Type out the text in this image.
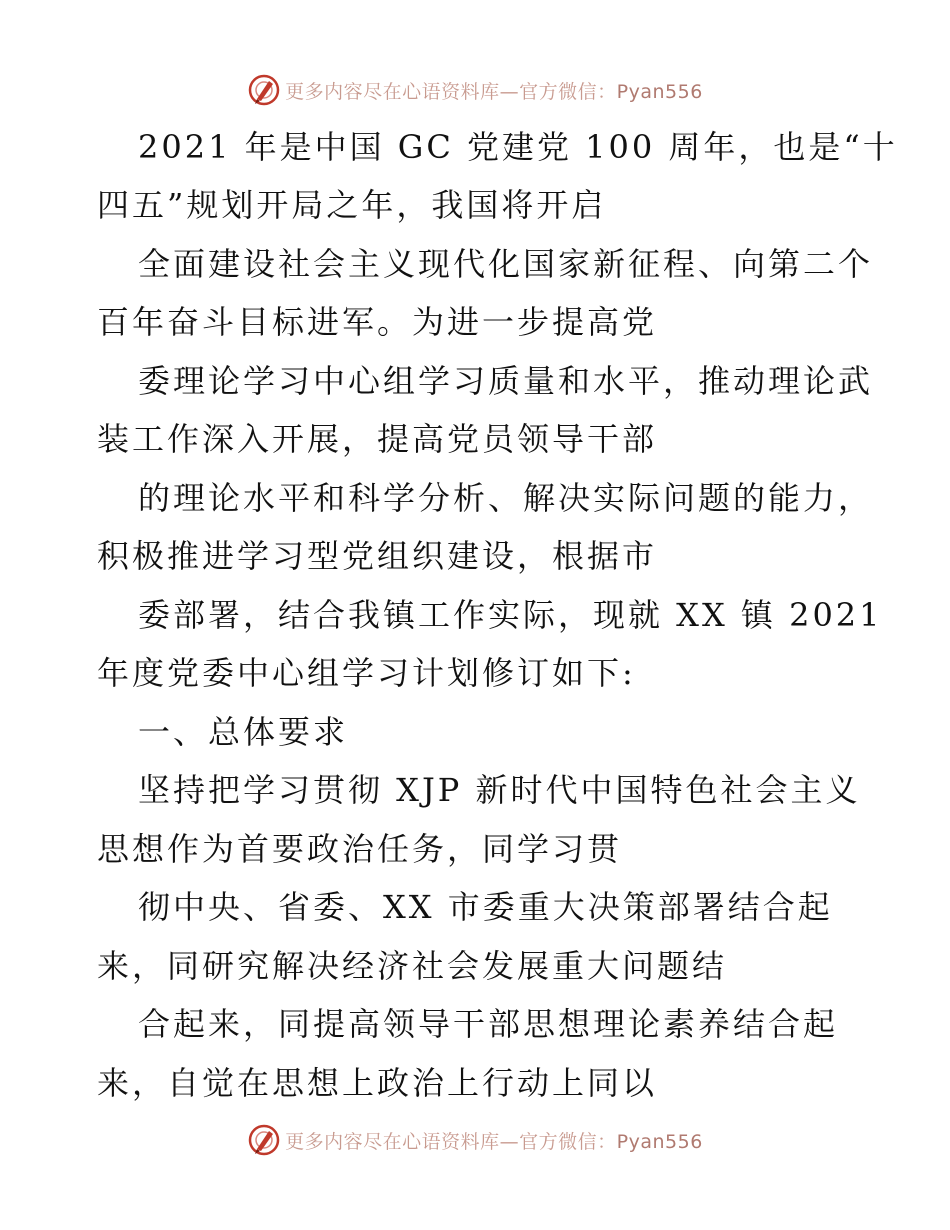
更多内容尽在心语资料库—官方微信：Pyan556
2021 年是中国 GC 党建党 100 周年，也是“十
四五”规划开局之年，我国将开启
全面建设社会主义现代化国家新征程、向第二个
百年奋斗目标进军。为进一步提高党
委理论学习中心组学习质量和水平，推动理论武
装工作深入开展，提高党员领导干部
的理论水平和科学分析、解决实际问题的能力，
积极推进学习型党组织建设，根据市
委部署，结合我镇工作实际，现就 XX 镇 2021
年度党委中心组学习计划修订如下:
一、总体要求
坚持把学习贯彻 XJP 新时代中国特色社会主义
思想作为首要政治任务，同学习贯
彻中央、省委、XX 市委重大决策部署结合起
来，同研究解决经济社会发展重大问题结
合起来，同提高领导干部思想理论素养结合起
来，自觉在思想上政治上行动上同以
更多内容尽在心语资料库—官方微信：Pyan556
